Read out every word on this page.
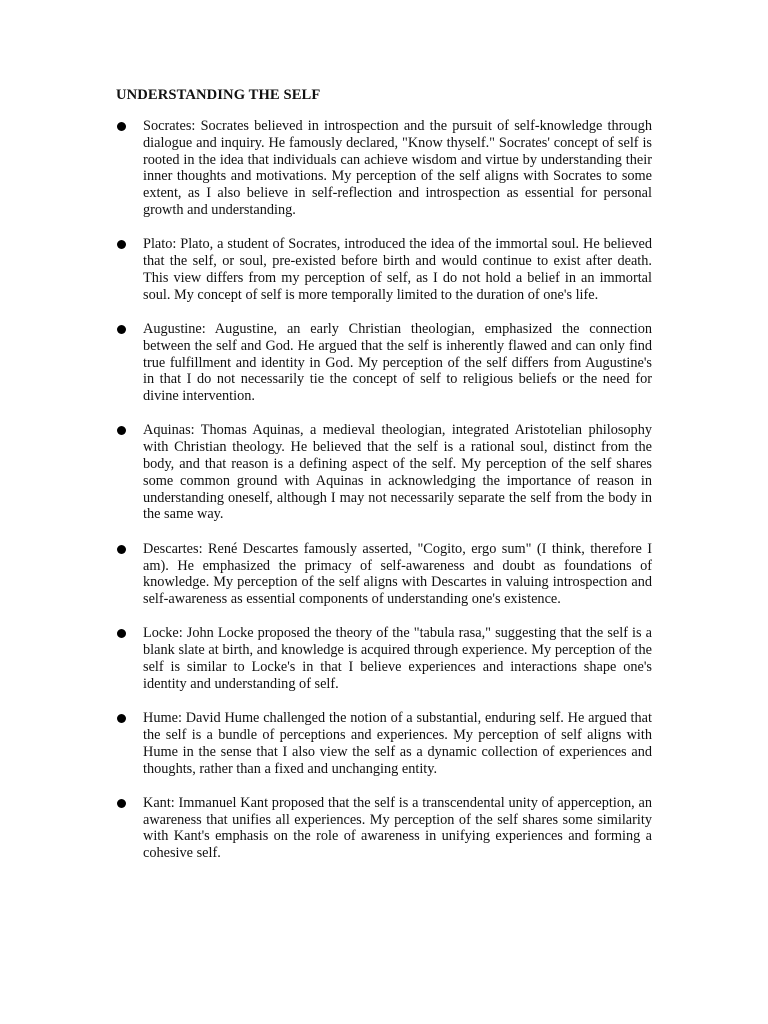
UNDERSTANDING THE SELF
Socrates: Socrates believed in introspection and the pursuit of self-knowledge through dialogue and inquiry. He famously declared, "Know thyself." Socrates' concept of self is rooted in the idea that individuals can achieve wisdom and virtue by understanding their inner thoughts and motivations. My perception of the self aligns with Socrates to some extent, as I also believe in self-reflection and introspection as essential for personal growth and understanding.
Plato: Plato, a student of Socrates, introduced the idea of the immortal soul. He believed that the self, or soul, pre-existed before birth and would continue to exist after death. This view differs from my perception of self, as I do not hold a belief in an immortal soul. My concept of self is more temporally limited to the duration of one's life.
Augustine: Augustine, an early Christian theologian, emphasized the connection between the self and God. He argued that the self is inherently flawed and can only find true fulfillment and identity in God. My perception of the self differs from Augustine's in that I do not necessarily tie the concept of self to religious beliefs or the need for divine intervention.
Aquinas: Thomas Aquinas, a medieval theologian, integrated Aristotelian philosophy with Christian theology. He believed that the self is a rational soul, distinct from the body, and that reason is a defining aspect of the self. My perception of the self shares some common ground with Aquinas in acknowledging the importance of reason in understanding oneself, although I may not necessarily separate the self from the body in the same way.
Descartes: René Descartes famously asserted, "Cogito, ergo sum" (I think, therefore I am). He emphasized the primacy of self-awareness and doubt as foundations of knowledge. My perception of the self aligns with Descartes in valuing introspection and self-awareness as essential components of understanding one's existence.
Locke: John Locke proposed the theory of the "tabula rasa," suggesting that the self is a blank slate at birth, and knowledge is acquired through experience. My perception of the self is similar to Locke's in that I believe experiences and interactions shape one's identity and understanding of self.
Hume: David Hume challenged the notion of a substantial, enduring self. He argued that the self is a bundle of perceptions and experiences. My perception of self aligns with Hume in the sense that I also view the self as a dynamic collection of experiences and thoughts, rather than a fixed and unchanging entity.
Kant: Immanuel Kant proposed that the self is a transcendental unity of apperception, an awareness that unifies all experiences. My perception of the self shares some similarity with Kant's emphasis on the role of awareness in unifying experiences and forming a cohesive self.
